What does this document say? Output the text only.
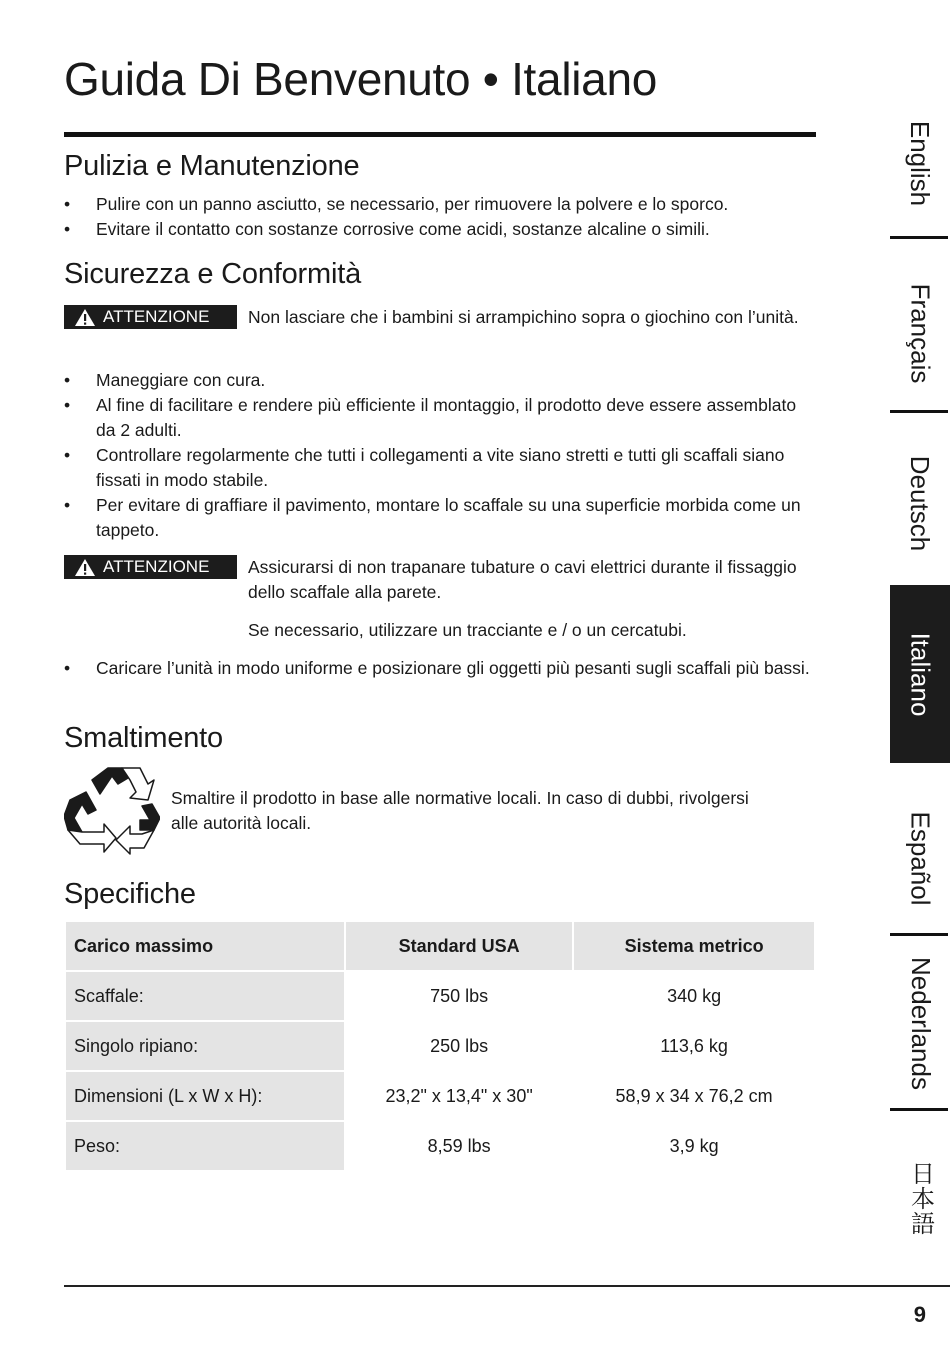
Guida Di Benvenuto • Italiano
Pulizia e Manutenzione
• Pulire con un panno asciutto, se necessario, per rimuovere la polvere e lo sporco.
• Evitare il contatto con sostanze corrosive come acidi, sostanze alcaline o simili.
Sicurezza e Conformità
ATTENZIONE Non lasciare che i bambini si arrampichino sopra o giochino con l’unità.

• Maneggiare con cura.
• Al fine di facilitare e rendere più efficiente il montaggio, il prodotto deve essere assemblato da 2 adulti.
• Controllare regolarmente che tutti i collegamenti a vite siano stretti e tutti gli scaffali siano fissati in modo stabile.
• Per evitare di graffiare il pavimento, montare lo scaffale su una superficie morbida come un tappeto.
ATTENZIONE Assicurarsi di non trapanare tubature o cavi elettrici durante il fissaggio dello scaffale alla parete.

Se necessario, utilizzare un tracciante e / o un cercatubi.

• Caricare l’unità in modo uniforme e posizionare gli oggetti più pesanti sugli scaffali più bassi.
Smaltimento

Smaltire il prodotto in base alle normative locali. In caso di dubbi, rivolgersi alle autorità locali.

Specifiche
Carico massimo	Standard USA	Sistema metrico
Scaffale:	750 lbs	340 kg
Singolo ripiano:	250 lbs	113,6 kg
Dimensioni (L x W x H):	23,2" x 13,4" x 30"	58,9 x 34 x 76,2 cm
Peso:	8,59 lbs	3,9 kg
9
English
Français
Deutsch
Italiano
Español
Nederlands
日本語
